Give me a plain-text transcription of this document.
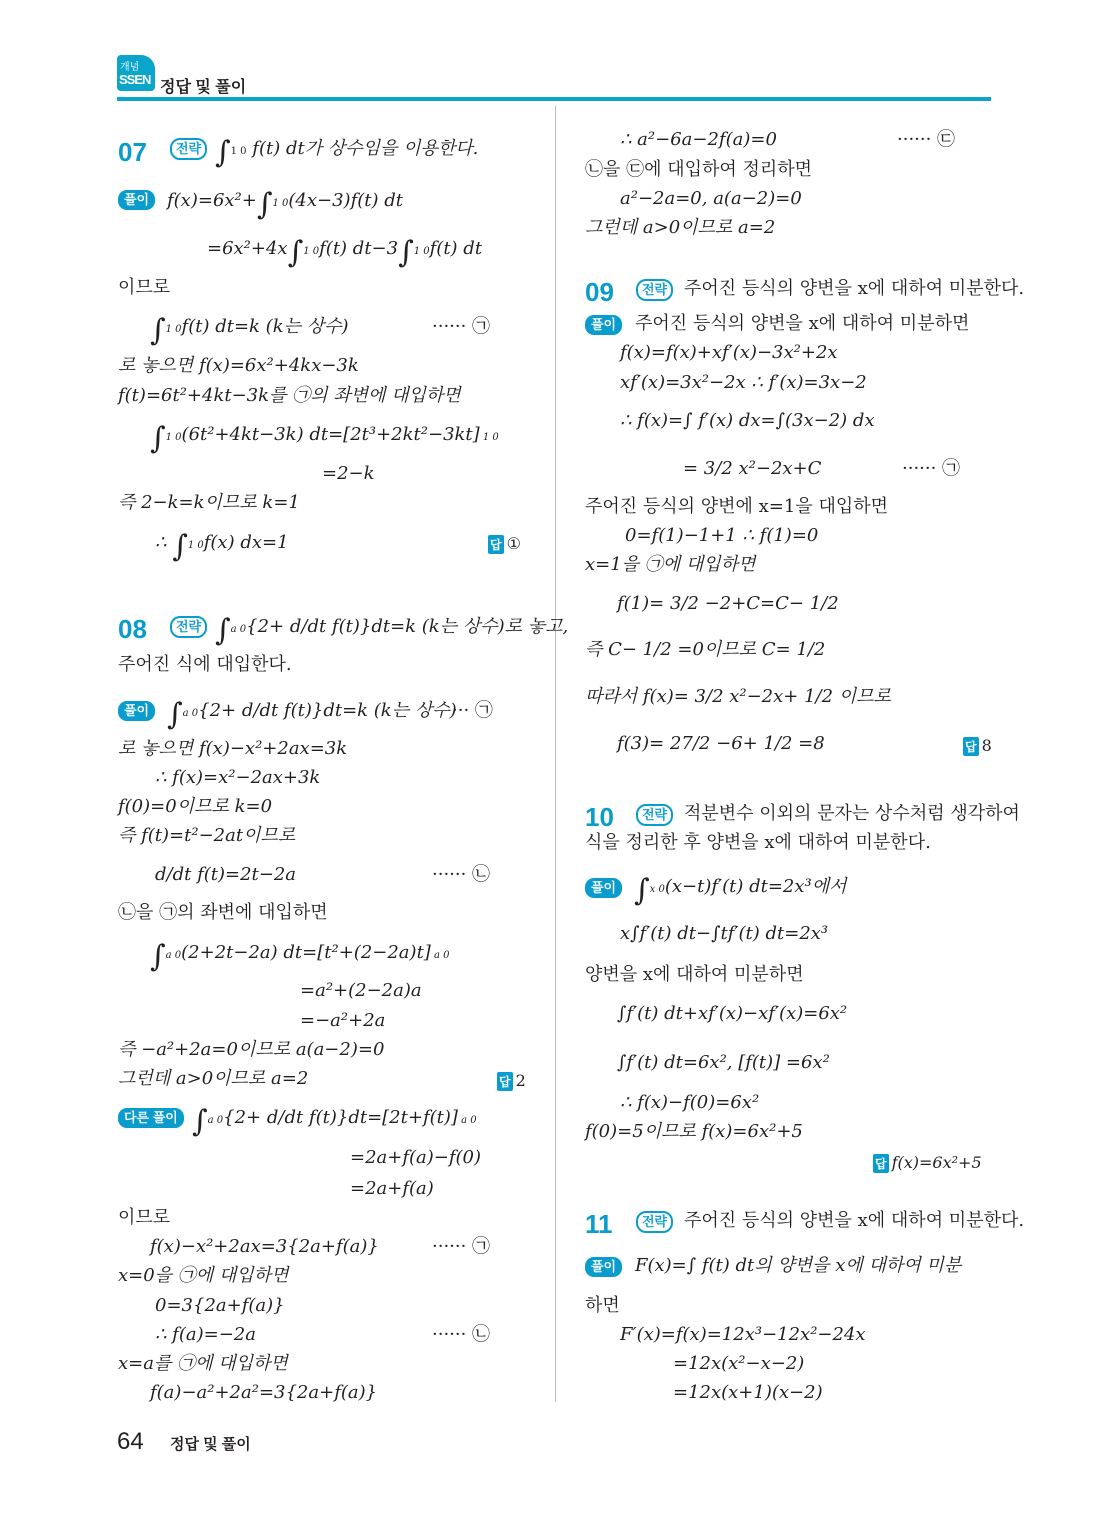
개념
SSEN 정답 및 풀이
07	전략 ∫1 0 f(t) dt가 상수임을 이용한다.
풀이 f(x)=6x²+∫1 0(4x−3)f(t) dt
=6x²+4x∫1 0f(t) dt−3∫1 0f(t) dt
이므로
∫1 0f(t) dt=k (k는 상수)	······ ㉠
로 놓으면 f(x)=6x²+4kx−3k
f(t)=6t²+4kt−3k를 ㉠의 좌변에 대입하면
∫1 0(6t²+4kt−3k) dt=[2t³+2kt²−3kt] 1 0
=2−k
즉 2−k=k이므로 k=1
∴ ∫1 0f(x) dx=1	답 ①
08	전략 ∫a 0{2+ d/dt f(t)}dt=k (k는 상수)로 놓고,
주어진 식에 대입한다.
풀이 ∫a 0{2+ d/dt f(t)}dt=k (k는 상수)
··· ㉠
로 놓으면 f(x)−x²+2ax=3k
∴ f(x)=x²−2ax+3k
f(0)=0이므로 k=0
즉 f(t)=t²−2at이므로
d/dt f(t)=2t−2a	······ ㉡
㉡을 ㉠의 좌변에 대입하면
∫a 0(2+2t−2a) dt=[t²+(2−2a)t] a 0
=a²+(2−2a)a
=−a²+2a
즉 −a²+2a=0이므로 a(a−2)=0
그런데 a>0이므로 a=2	답 2
다른 풀이 ∫a 0{2+ d/dt f(t)}dt=[2t+f(t)] a 0
=2a+f(a)−f(0)
=2a+f(a)
이므로
f(x)−x²+2ax=3{2a+f(a)}	······ ㉠
x=0을 ㉠에 대입하면
0=3{2a+f(a)}
∴ f(a)=−2a	······ ㉡
x=a를 ㉠에 대입하면
f(a)−a²+2a²=3{2a+f(a)}
∴ a²−6a−2f(a)=0	······ ㉢
㉡을 ㉢에 대입하여 정리하면
a²−2a=0, a(a−2)=0
그런데 a>0이므로 a=2
09	전략 주어진 등식의 양변을 x에 대하여 미분한다.
풀이	주어진 등식의 양변을 x에 대하여 미분하면
f(x)=f(x)+xf′(x)−3x²+2x
xf′(x)=3x²−2x ∴ f′(x)=3x−2
∴ f(x)=∫ f′(x) dx=∫(3x−2) dx
= 3/2 x²−2x+C	······ ㉠
주어진 등식의 양변에 x=1을 대입하면
0=f(1)−1+1 ∴ f(1)=0
x=1을 ㉠에 대입하면
f(1)= 3/2 −2+C=C− 1/2
즉 C− 1/2 =0이므로 C= 1/2
따라서 f(x)= 3/2 x²−2x+ 1/2 이므로
f(3)= 27/2 −6+ 1/2 =8	답 8
10	전략 적분변수 이외의 문자는 상수처럼 생각하여
식을 정리한 후 양변을 x에 대하여 미분한다.
풀이 ∫x 0(x−t)f′(t) dt=2x³에서
x∫f′(t) dt−∫tf′(t) dt=2x³
양변을 x에 대하여 미분하면
∫f′(t) dt+xf′(x)−xf′(x)=6x²
∫f′(t) dt=6x², [f(t)] =6x²
∴ f(x)−f(0)=6x²
f(0)=5이므로 f(x)=6x²+5
답 f(x)=6x²+5
11	전략 주어진 등식의 양변을 x에 대하여 미분한다.
풀이	F(x)=∫ f(t) dt의 양변을 x에 대하여 미분
하면
F′(x)=f(x)=12x³−12x²−24x
=12x(x²−x−2)
=12x(x+1)(x−2)
64 정답 및 풀이
